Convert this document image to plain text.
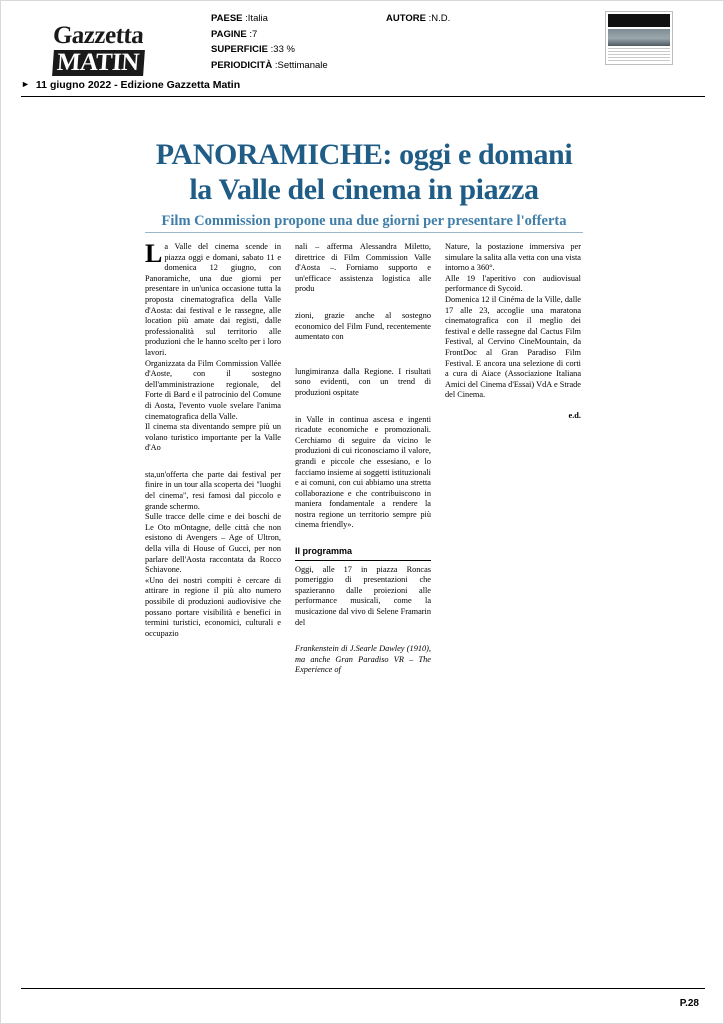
Gazzetta
MATIN
PAESE :Italia
PAGINE :7
SUPERFICIE :33 %
PERIODICITÀ :Settimanale
AUTORE :N.D.
► 11 giugno 2022 - Edizione Gazzetta Matin
PANORAMICHE: oggi e domani
la Valle del cinema in piazza
Film Commission propone una due giorni per presentare l'offerta

La Valle del cinema scende in piazza oggi e domani, sabato 11 e domenica 12 giugno, con Panoramiche, una due giorni per presentare in un'unica occasione tutta la proposta cinematografica della Valle d'Aosta: dai festival e le rassegne, alle location più amate dai registi, dalle professionalità sul territorio alle produzioni che le hanno scelto per i loro lavori.

Organizzata da Film Commission Vallée d'Aoste, con il sostegno dell'amministrazione regionale, del Forte di Bard e il patrocinio del Comune di Aosta, l'evento vuole svelare l'anima cinematografica della Valle.

Il cinema sta diventando sempre più un volano turistico importante per la Valle d'Ao

sta,un'offerta che parte dai festival per finire in un tour alla scoperta dei "luoghi del cinema", resi famosi dal piccolo e grande schermo.

Sulle tracce delle cime e dei boschi de Le Oto mOntagne, delle città che non esistono di Avengers – Age of Ultron, della villa di House of Gucci, per non parlare dell'Aosta raccontata da Rocco Schiavone.

«Uno dei nostri compiti è cercare di attirare in regione il più alto numero possibile di produzioni audiovisive che possano portare visibilità e benefici in termini turistici, economici, culturali e occupazio

nali – afferma Alessandra Miletto, direttrice di Film Commission Valle d'Aosta –. Forniamo supporto e un'efficace assistenza logistica alle produ

zioni, grazie anche al sostegno economico del Film Fund, recentemente aumentato con

lungimiranza dalla Regione. I risultati sono evidenti, con un trend di produzioni ospitate

in Valle in continua ascesa e ingenti ricadute economiche e promozionali. Cerchiamo di seguire da vicino le produzioni di cui riconosciamo il valore, grandi e piccole che essesiano, e lo facciamo insieme ai soggetti istituzionali e ai comuni, con cui abbiamo una stretta collaborazione e che contribuiscono in maniera fondamentale a rendere la nostra regione un territorio sempre più cinema friendly».

Il programma

Oggi, alle 17 in piazza Roncas pomeriggio di presentazioni che spazieranno dalle proiezioni alle performance musicali, come la musicazione dal vivo di Selene Framarin del

Frankenstein di J.Searle Dawley (1910), ma anche Gran Paradiso VR – The Experience of

Nature, la postazione immersiva per simulare la salita alla vetta con una vista intorno a 360°.

Alle 19 l'aperitivo con audiovisual performance di Sycoid.

Domenica 12 il Cinéma de la Ville, dalle 17 alle 23, accoglie una maratona cinematografica con il meglio dei festival e delle rassegne dal Cactus Film Festival, al Cervino CineMountain, da FrontDoc al Gran Paradiso Film Festival. E ancora una selezione di corti a cura di Aiace (Associazione Italiana Amici del Cinema d'Essai) VdA e Strade del Cinema.

e.d.
P.28
